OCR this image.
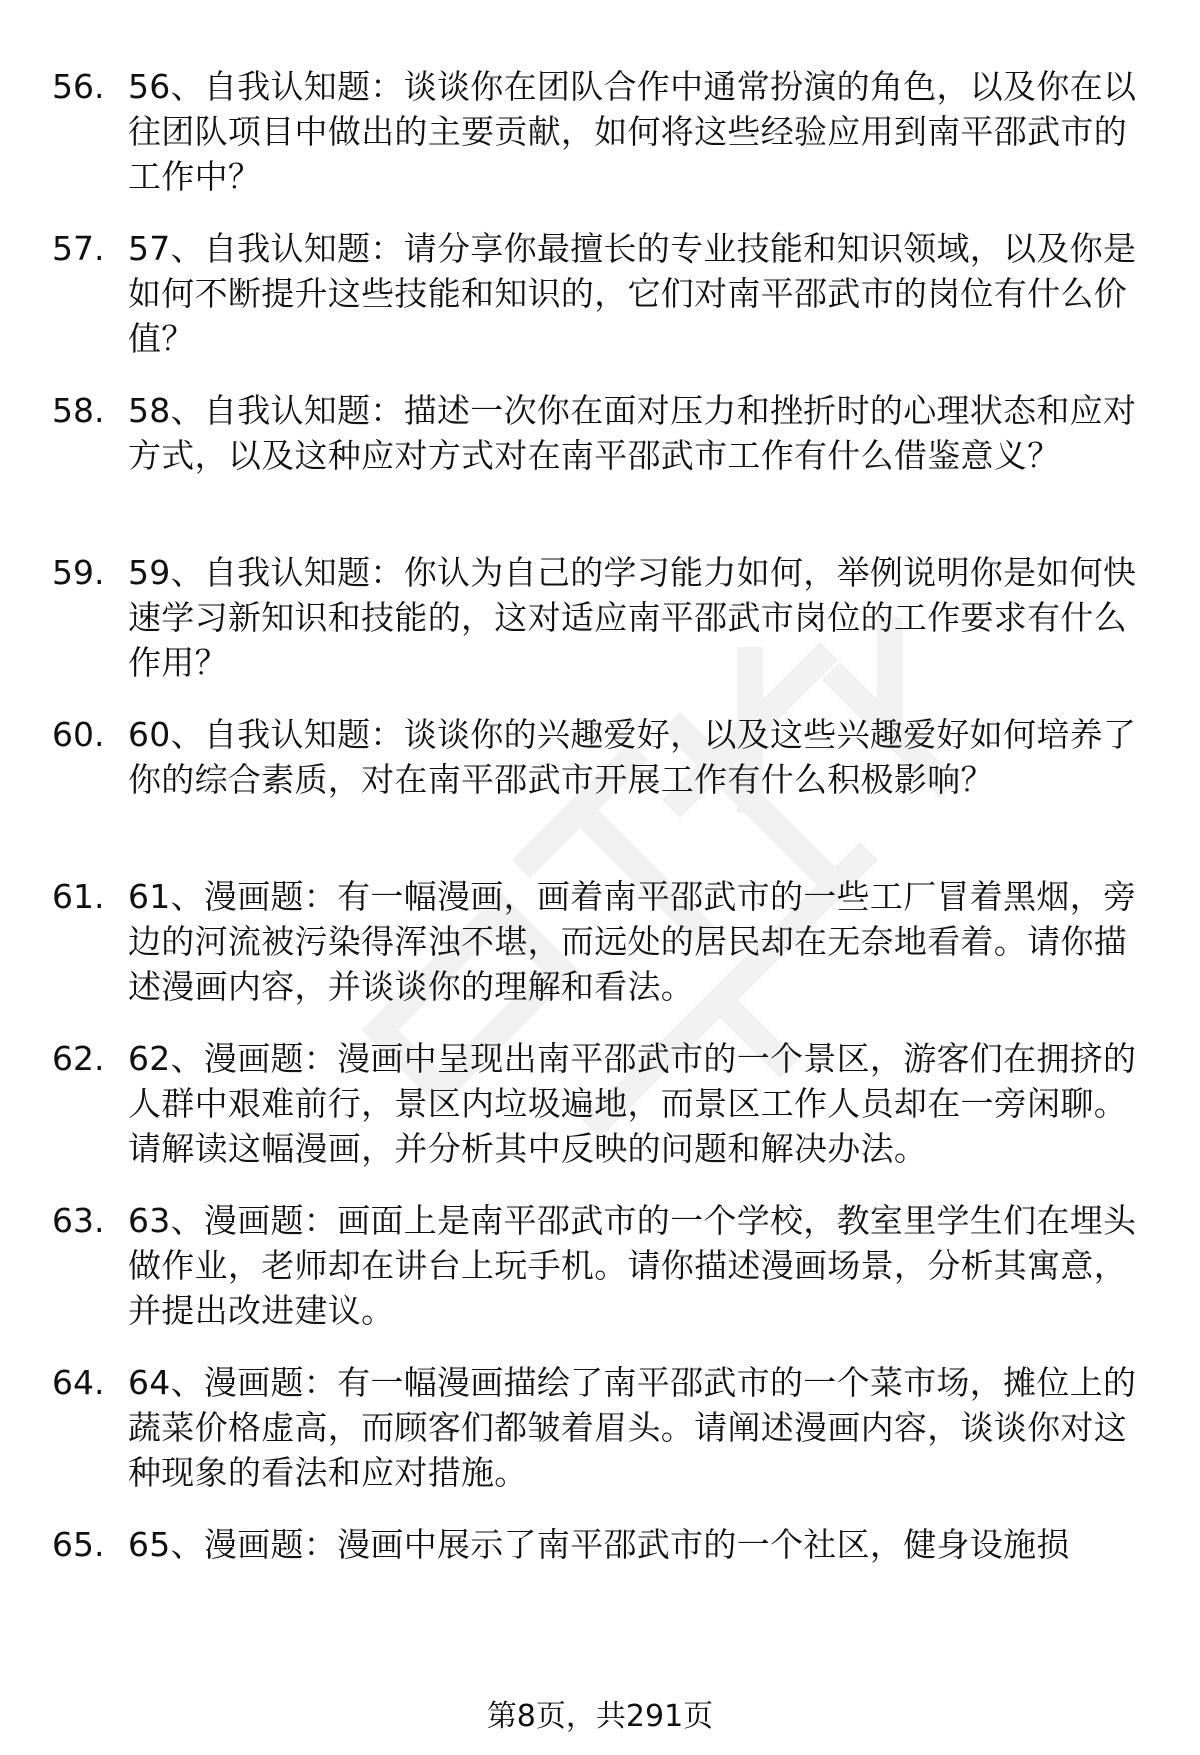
56. 56、自我认知题：谈谈你在团队合作中通常扮演的角色，以及你在以往团队项目中做出的主要贡献，如何将这些经验应用到南平邵武市的工作中？
57. 57、自我认知题：请分享你最擅长的专业技能和知识领域，以及你是如何不断提升这些技能和知识的，它们对南平邵武市的岗位有什么价值？
58. 58、自我认知题：描述一次你在面对压力和挫折时的心理状态和应对方式，以及这种应对方式对在南平邵武市工作有什么借鉴意义？
59. 59、自我认知题：你认为自己的学习能力如何，举例说明你是如何快速学习新知识和技能的，这对适应南平邵武市岗位的工作要求有什么作用？
60. 60、自我认知题：谈谈你的兴趣爱好，以及这些兴趣爱好如何培养了你的综合素质，对在南平邵武市开展工作有什么积极影响？
61. 61、漫画题：有一幅漫画，画着南平邵武市的一些工厂冒着黑烟，旁边的河流被污染得浑浊不堪，而远处的居民却在无奈地看着。请你描述漫画内容，并谈谈你的理解和看法。
62. 62、漫画题：漫画中呈现出南平邵武市的一个景区，游客们在拥挤的人群中艰难前行，景区内垃圾遍地，而景区工作人员却在一旁闲聊。请解读这幅漫画，并分析其中反映的问题和解决办法。
63. 63、漫画题：画面上是南平邵武市的一个学校，教室里学生们在埋头做作业，老师却在讲台上玩手机。请你描述漫画场景，分析其寓意，并提出改进建议。
64. 64、漫画题：有一幅漫画描绘了南平邵武市的一个菜市场，摊位上的蔬菜价格虚高，而顾客们都皱着眉头。请阐述漫画内容，谈谈你对这种现象的看法和应对措施。
65. 65、漫画题：漫画中展示了南平邵武市的一个社区，健身设施损
第8页，共291页
